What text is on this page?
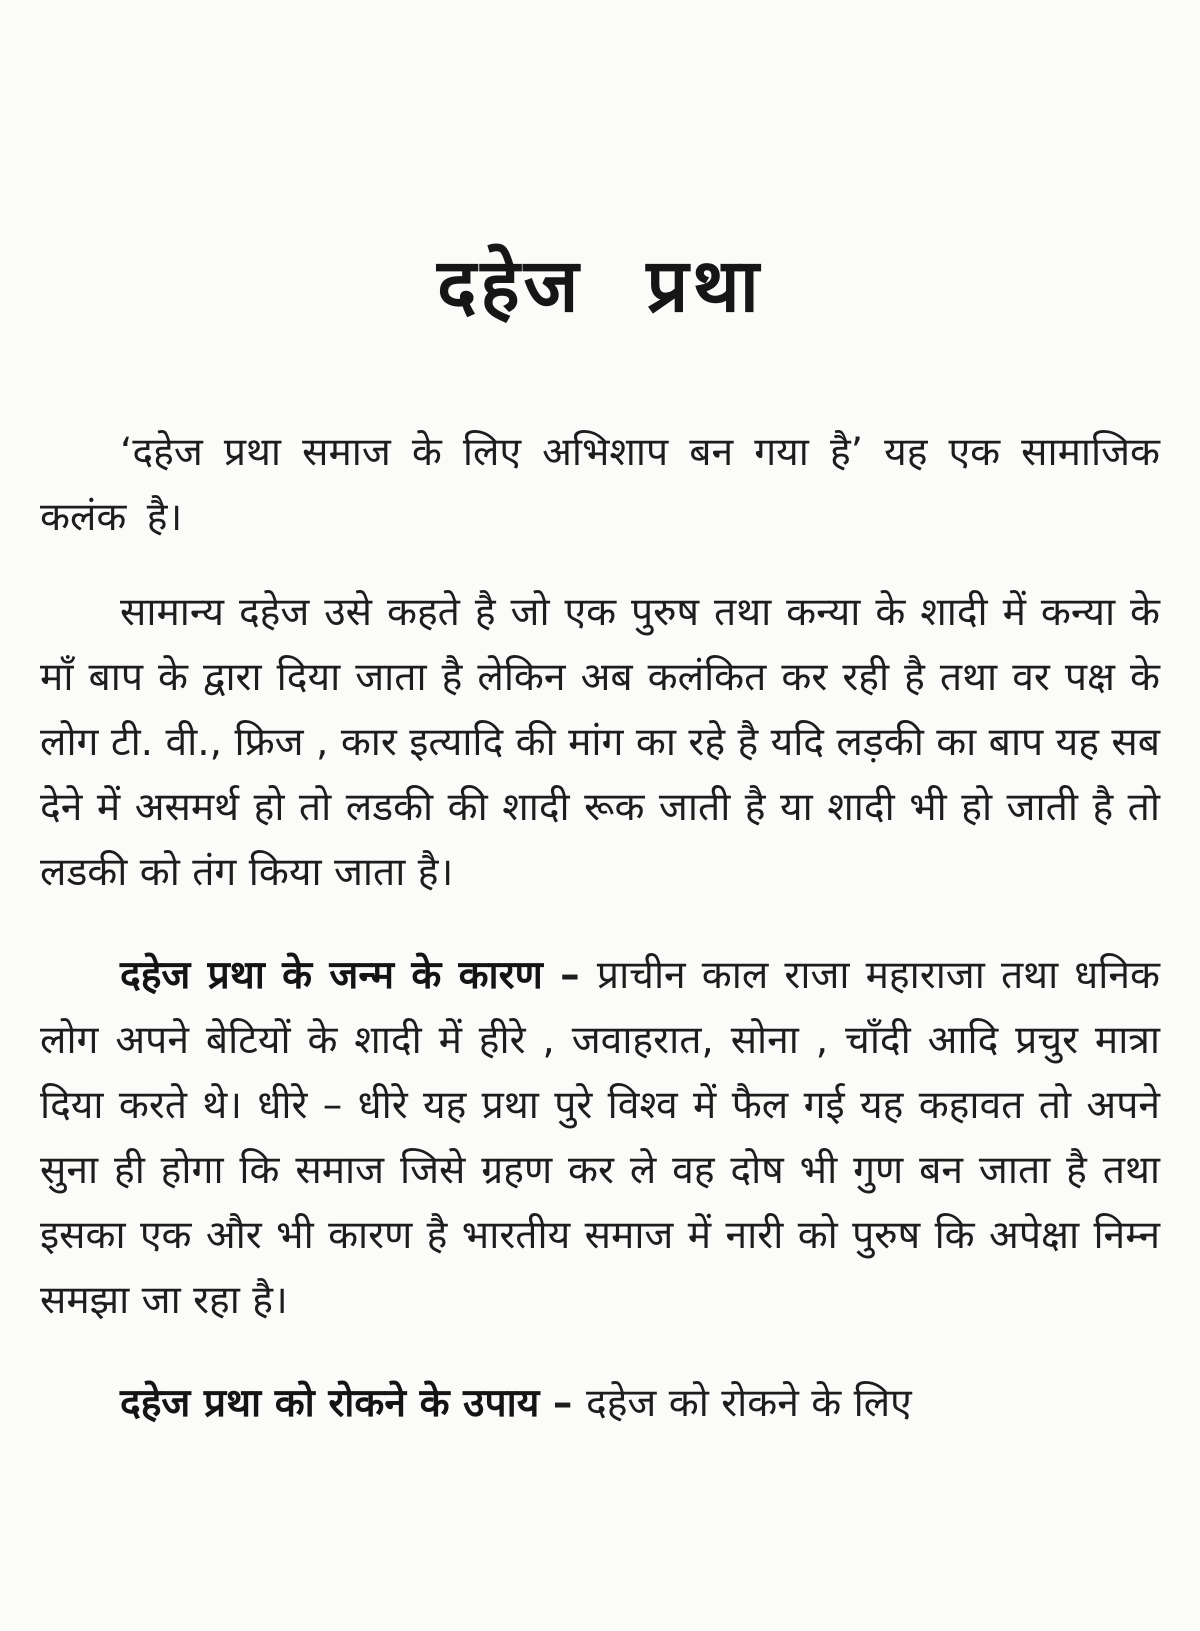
दहेज प्रथा

‘दहेज प्रथा समाज के लिए अभिशाप बन गया है’ यह एक सामाजिक कलंक है।

सामान्य दहेज उसे कहते है जो एक पुरुष तथा कन्या के शादी में कन्या के माँ बाप के द्वारा दिया जाता है लेकिन अब कलंकित कर रही है तथा वर पक्ष के लोग टी. वी., फ्रिज , कार इत्यादि की मांग का रहे है यदि लड़की का बाप यह सब देने में असमर्थ हो तो लडकी की शादी रूक जाती है या शादी भी हो जाती है तो लडकी को तंग किया जाता है।

दहेज प्रथा के जन्म के कारण – प्राचीन काल राजा महाराजा तथा धनिक लोग अपने बेटियों के शादी में हीरे , जवाहरात, सोना , चाँदी आदि प्रचुर मात्रा दिया करते थे। धीरे – धीरे यह प्रथा पुरे विश्व में फैल गई यह कहावत तो अपने सुना ही होगा कि समाज जिसे ग्रहण कर ले वह दोष भी गुण बन जाता है तथा इसका एक और भी कारण है भारतीय समाज में नारी को पुरुष कि अपेक्षा निम्न समझा जा रहा है।

दहेज प्रथा को रोकने के उपाय – दहेज को रोकने के लिए
